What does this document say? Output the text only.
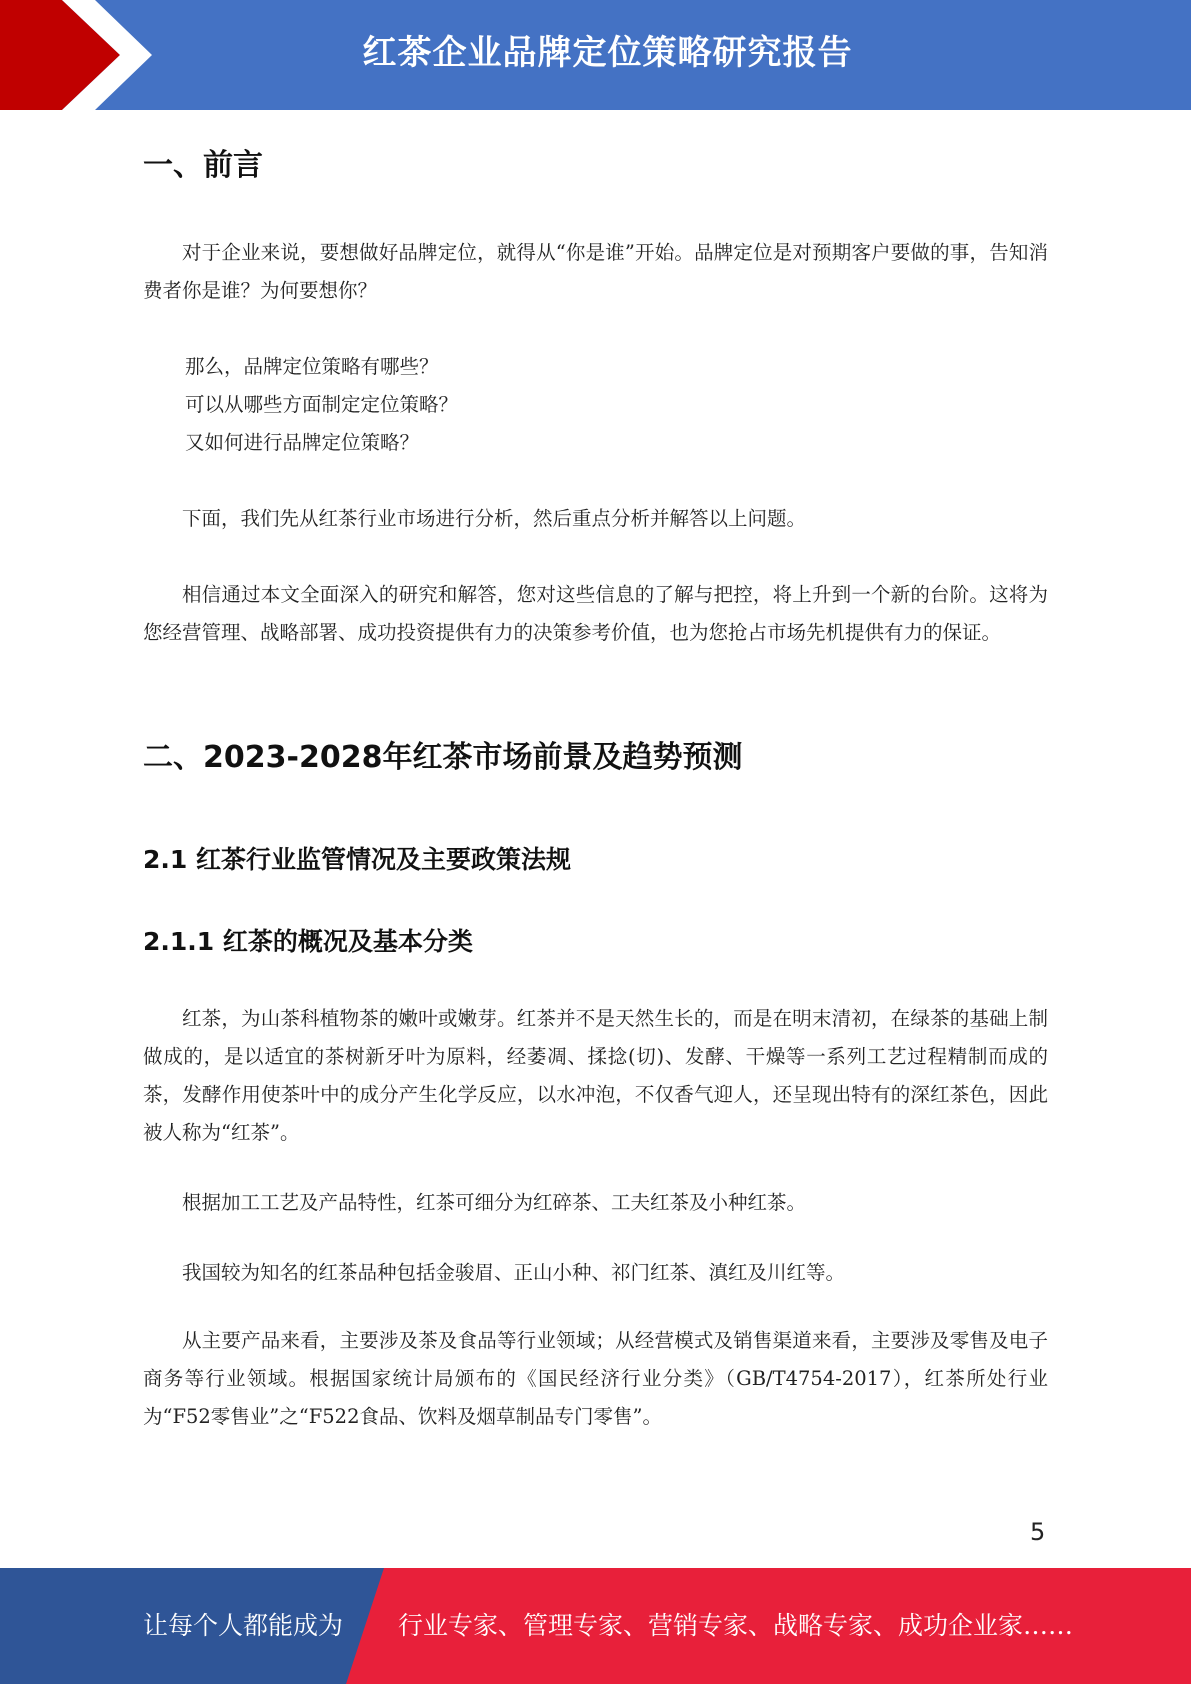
红茶企业品牌定位策略研究报告
一、前言

对于企业来说，要想做好品牌定位，就得从“你是谁”开始。品牌定位是对预期客户要做的事，告知消费者你是谁？为何要想你？

那么，品牌定位策略有哪些？

可以从哪些方面制定定位策略？

又如何进行品牌定位策略？

下面，我们先从红茶行业市场进行分析，然后重点分析并解答以上问题。

相信通过本文全面深入的研究和解答，您对这些信息的了解与把控，将上升到一个新的台阶。这将为您经营管理、战略部署、成功投资提供有力的决策参考价值，也为您抢占市场先机提供有力的保证。

二、2023-2028年红茶市场前景及趋势预测
2.1 红茶行业监管情况及主要政策法规
2.1.1 红茶的概况及基本分类

红茶，为山茶科植物茶的嫩叶或嫩芽。红茶并不是天然生长的，而是在明末清初，在绿茶的基础上制做成的，是以适宜的茶树新牙叶为原料，经萎凋、揉捻(切)、发酵、干燥等一系列工艺过程精制而成的茶，发酵作用使茶叶中的成分产生化学反应，以水冲泡，不仅香气迎人，还呈现出特有的深红茶色，因此被人称为“红茶”。

根据加工工艺及产品特性，红茶可细分为红碎茶、工夫红茶及小种红茶。

我国较为知名的红茶品种包括金骏眉、正山小种、祁门红茶、滇红及川红等。

从主要产品来看，主要涉及茶及食品等行业领域；从经营模式及销售渠道来看，主要涉及零售及电子商务等行业领域。根据国家统计局颁布的《国民经济行业分类》（GB/T4754-2017），红茶所处行业为“F52零售业”之“F522食品、饮料及烟草制品专门零售”。

5
让每个人都能成为 行业专家、管理专家、营销专家、战略专家、成功企业家……
